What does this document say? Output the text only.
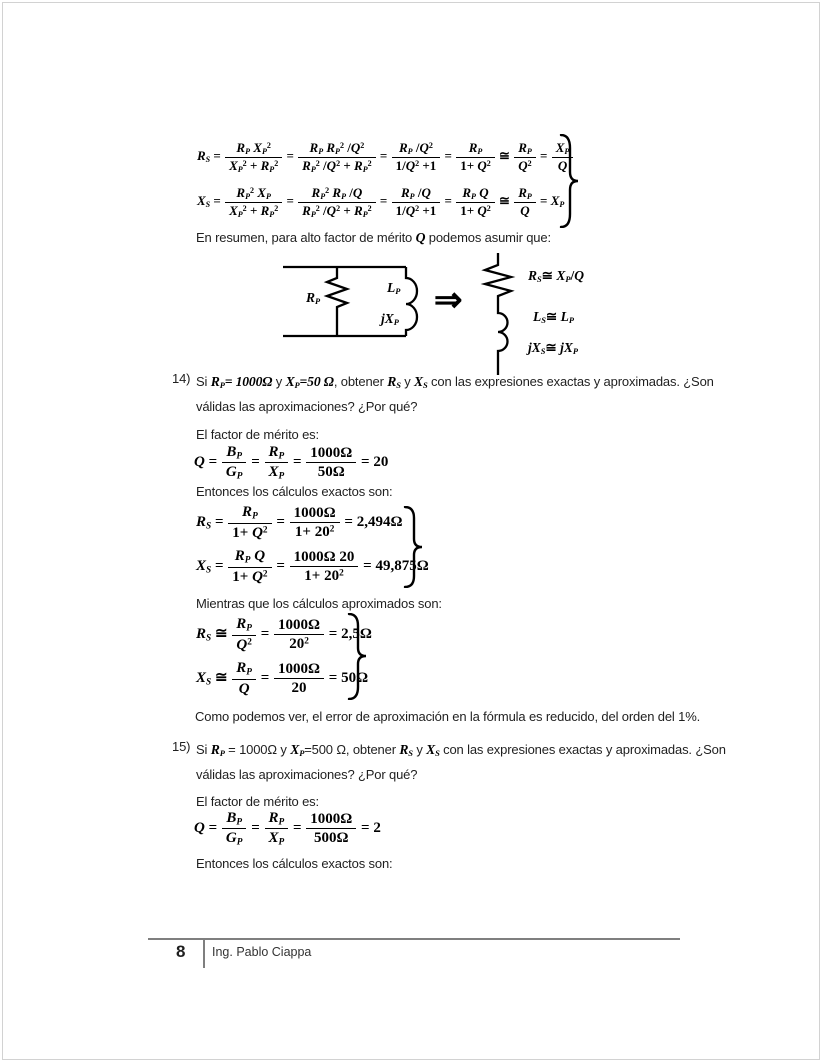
$R_S = \frac{R_P X_P^2}{X_P^2 + R_P^2} = \frac{R_P R_P^2 /Q^2}{R_P^2 /Q^2 + R_P^2} = \frac{R_P /Q^2}{1/Q^2 +1} = \frac{R_P}{1+ Q^2}$ ≅ $\frac{R_P}{Q^2} = \frac{X_P}{Q}$
$X_S = \frac{R_P^2 X_P}{X_P^2 + R_P^2} = \frac{R_P^2 R_P /Q}{R_P^2 /Q^2 + R_P^2} = \frac{R_P /Q}{1/Q^2 +1} = \frac{R_P Q}{1+ Q^2}$ ≅ $\frac{R_P}{Q} = X_P$
En resumen, para alto factor de mérito Q podemos asumir que:
$R_P$
$L_P$
$jX_P$
⇒
$R_S≅$ $X_P/Q$
$L_S≅$ $L_P$
$jX_S≅$ $jX_P$
14) Si $R_P= 1000\Omega$ y $X_P=50$ Ω, obtener $R_S$ y $X_S$ con las expresiones exactas y aproximadas. ¿Son
válidas las aproximaciones? ¿Por qué?
El factor de mérito es:
$Q = \frac{B_P}{G_P} = \frac{R_P}{X_P} = \frac{1000\Omega}{50\Omega} = 20$
Entonces los cálculos exactos son:
$R_S = \frac{R_P}{1+ Q^2} = \frac{1000\Omega}{1+ 20^2} = 2,494\Omega$
$X_S = \frac{R_P Q}{1+ Q^2} = \frac{1000\Omega 20}{1+ 20^2} = 49,875\Omega$
Mientras que los cálculos aproximados son:
$R_S$ ≅ $\frac{R_P}{Q^2} = \frac{1000\Omega}{20^2} = 2,5\Omega$
$X_S$ ≅ $\frac{R_P}{Q} = \frac{1000\Omega}{20} = 50\Omega$
Como podemos ver, el error de aproximación en la fórmula es reducido, del orden del 1%.
15) Si $R_P = 1000\Omega$ y $X_P=500$ Ω, obtener $R_S$ y $X_S$ con las expresiones exactas y aproximadas. ¿Son
válidas las aproximaciones? ¿Por qué?
El factor de mérito es:
$Q = \frac{B_P}{G_P} = \frac{R_P}{X_P} = \frac{1000\Omega}{500\Omega} = 2$
Entonces los cálculos exactos son:
8 Ing. Pablo Ciappa
